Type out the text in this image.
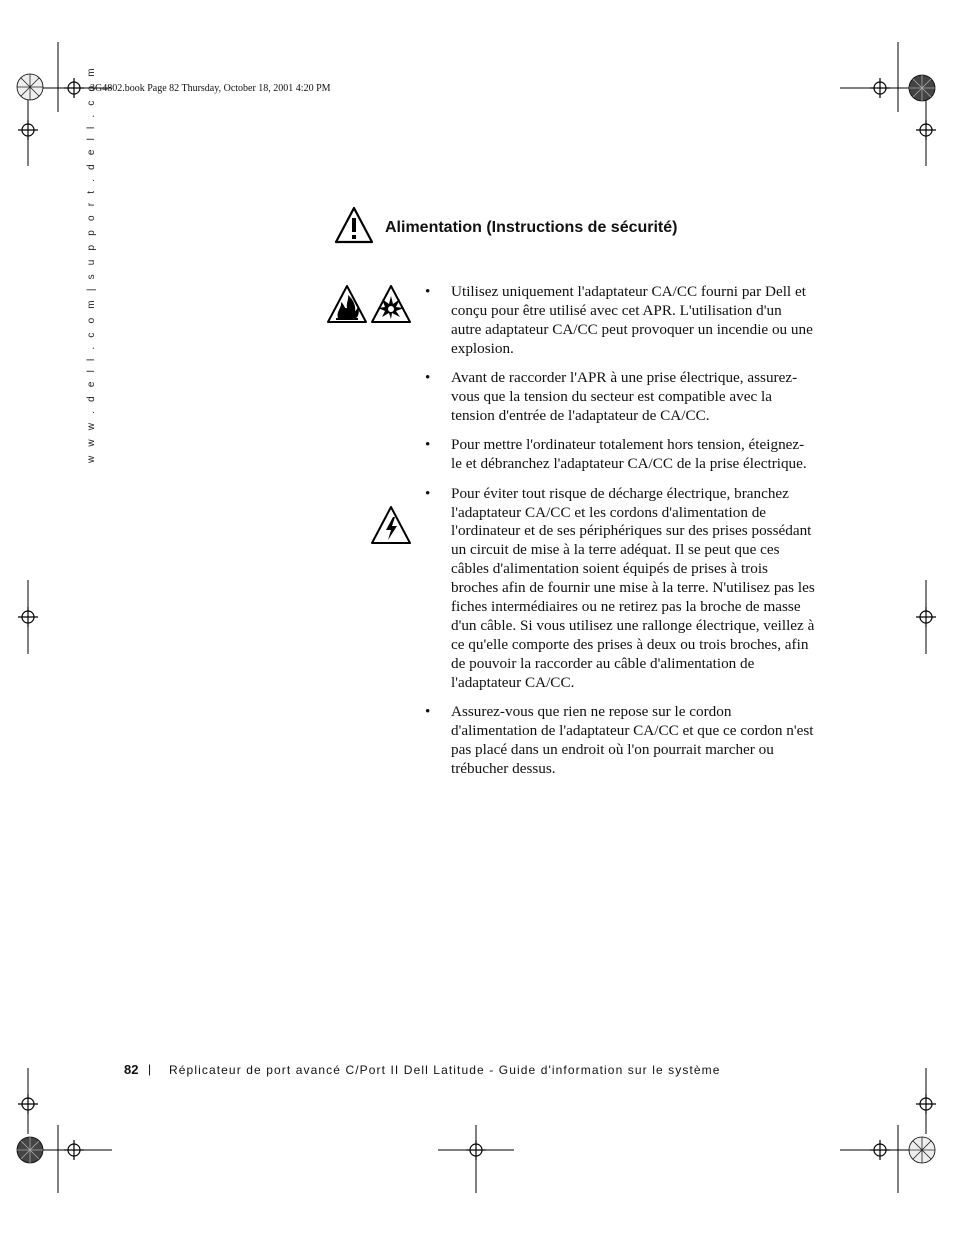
3G4802.book Page 82 Thursday, October 18, 2001 4:20 PM
w w w . d e l l . c o m | s u p p o r t . d e l l . c o m	Alimentation (Instructions de sécurité)
• Utilisez uniquement l'adaptateur CA/CC fourni par Dell et conçu pour être utilisé avec cet APR. L'utilisation d'un autre adaptateur CA/CC peut provoquer un incendie ou une explosion.
• Avant de raccorder l'APR à une prise électrique, assurez-vous que la tension du secteur est compatible avec la tension d'entrée de l'adaptateur de CA/CC.
• Pour mettre l'ordinateur totalement hors tension, éteignez-le et débranchez l'adaptateur CA/CC de la prise électrique.
• Pour éviter tout risque de décharge électrique, branchez l'adaptateur CA/CC et les cordons d'alimentation de l'ordinateur et de ses périphériques sur des prises possédant un circuit de mise à la terre adéquat. Il se peut que ces câbles d'alimentation soient équipés de prises à trois broches afin de fournir une mise à la terre. N'utilisez pas les fiches intermédiaires ou ne retirez pas la broche de masse d'un câble. Si vous utilisez une rallonge électrique, veillez à ce qu'elle comporte des prises à deux ou trois broches, afin de pouvoir la raccorder au câble d'alimentation de l'adaptateur CA/CC.
• Assurez-vous que rien ne repose sur le cordon d'alimentation de l'adaptateur CA/CC et que ce cordon n'est pas placé dans un endroit où l'on pourrait marcher ou trébucher dessus.
82 | Réplicateur de port avancé C/Port II Dell Latitude - Guide d'information sur le système
